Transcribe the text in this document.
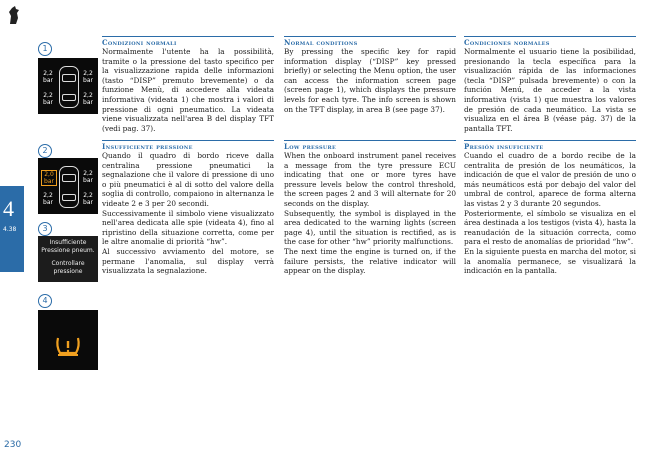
4
4.38
1
2,2
bar
2,2
bar
2,2
bar
2,2
bar
2
2,0
bar
2,2
bar
2,2
bar
2,2
bar
3
Insufficiente
Pressione pneum.
Controllare
pressione
4
Condizioni normali

Normalmente l'utente ha la possibilità, tramite o la pressione del tasto specifico per la visualizzazione rapida delle informazioni (tasto “DISP” premuto brevemente) o da funzione Menù, di accedere alla videata informativa (videata 1) che mostra i valori di pressione di ogni pneumatico. La videata viene visualizzata nell'area B del display TFT (vedi pag. 37).

Insufficiente pressione

Quando il quadro di bordo riceve dalla centralina pressione pneumatici la segnalazione che il valore di pressione di uno o più pneumatici è al di sotto del valore della soglia di controllo, compaiono in alternanza le videate 2 e 3 per 20 secondi.

Successivamente il simbolo viene visualizzato nell'area dedicata alle spie (videata 4), fino al ripristino della situazione corretta, come per le altre anomalie di priorità “hw”.

Al successivo avviamento del motore, se permane l'anomalia, sul display verrà visualizzata la segnalazione.

Normal conditions

By pressing the specific key for rapid information display (“DISP” key pressed briefly) or selecting the Menu option, the user can access the information screen page (screen page 1), which displays the pressure levels for each tyre. The info screen is shown on the TFT display, in area B (see page 37).

Low pressure

When the onboard instrument panel receives a message from the tyre pressure ECU indicating that one or more tyres have pressure levels below the control threshold, the screen pages 2 and 3 will alternate for 20 seconds on the display.

Subsequently, the symbol is displayed in the area dedicated to the warning lights (screen page 4), until the situation is rectified, as is the case for other “hw” priority malfunctions.

The next time the engine is turned on, if the failure persists, the relative indicator will appear on the display.

Condiciones normales

Normalmente el usuario tiene la posibilidad, presionando la tecla específica para la visualización rápida de las informaciones (tecla “DISP” pulsada brevemente) o con la función Menú, de acceder a la vista informativa (vista 1) que muestra los valores de presión de cada neumático. La vista se visualiza en el área B (véase pág. 37) de la pantalla TFT.

Presión insuficiente

Cuando el cuadro de a bordo recibe de la centralita de presión de los neumáticos, la indicación de que el valor de presión de uno o más neumáticos está por debajo del valor del umbral de control, aparece de forma alterna las vistas 2 y 3 durante 20 segundos.

Posteriormente, el símbolo se visualiza en el área destinada a los testigos (vista 4), hasta la reanudación de la situación correcta, como para el resto de anomalías de prioridad “hw”.

En la siguiente puesta en marcha del motor, si la anomalía permanece, se visualizará la indicación en la pantalla.

230
